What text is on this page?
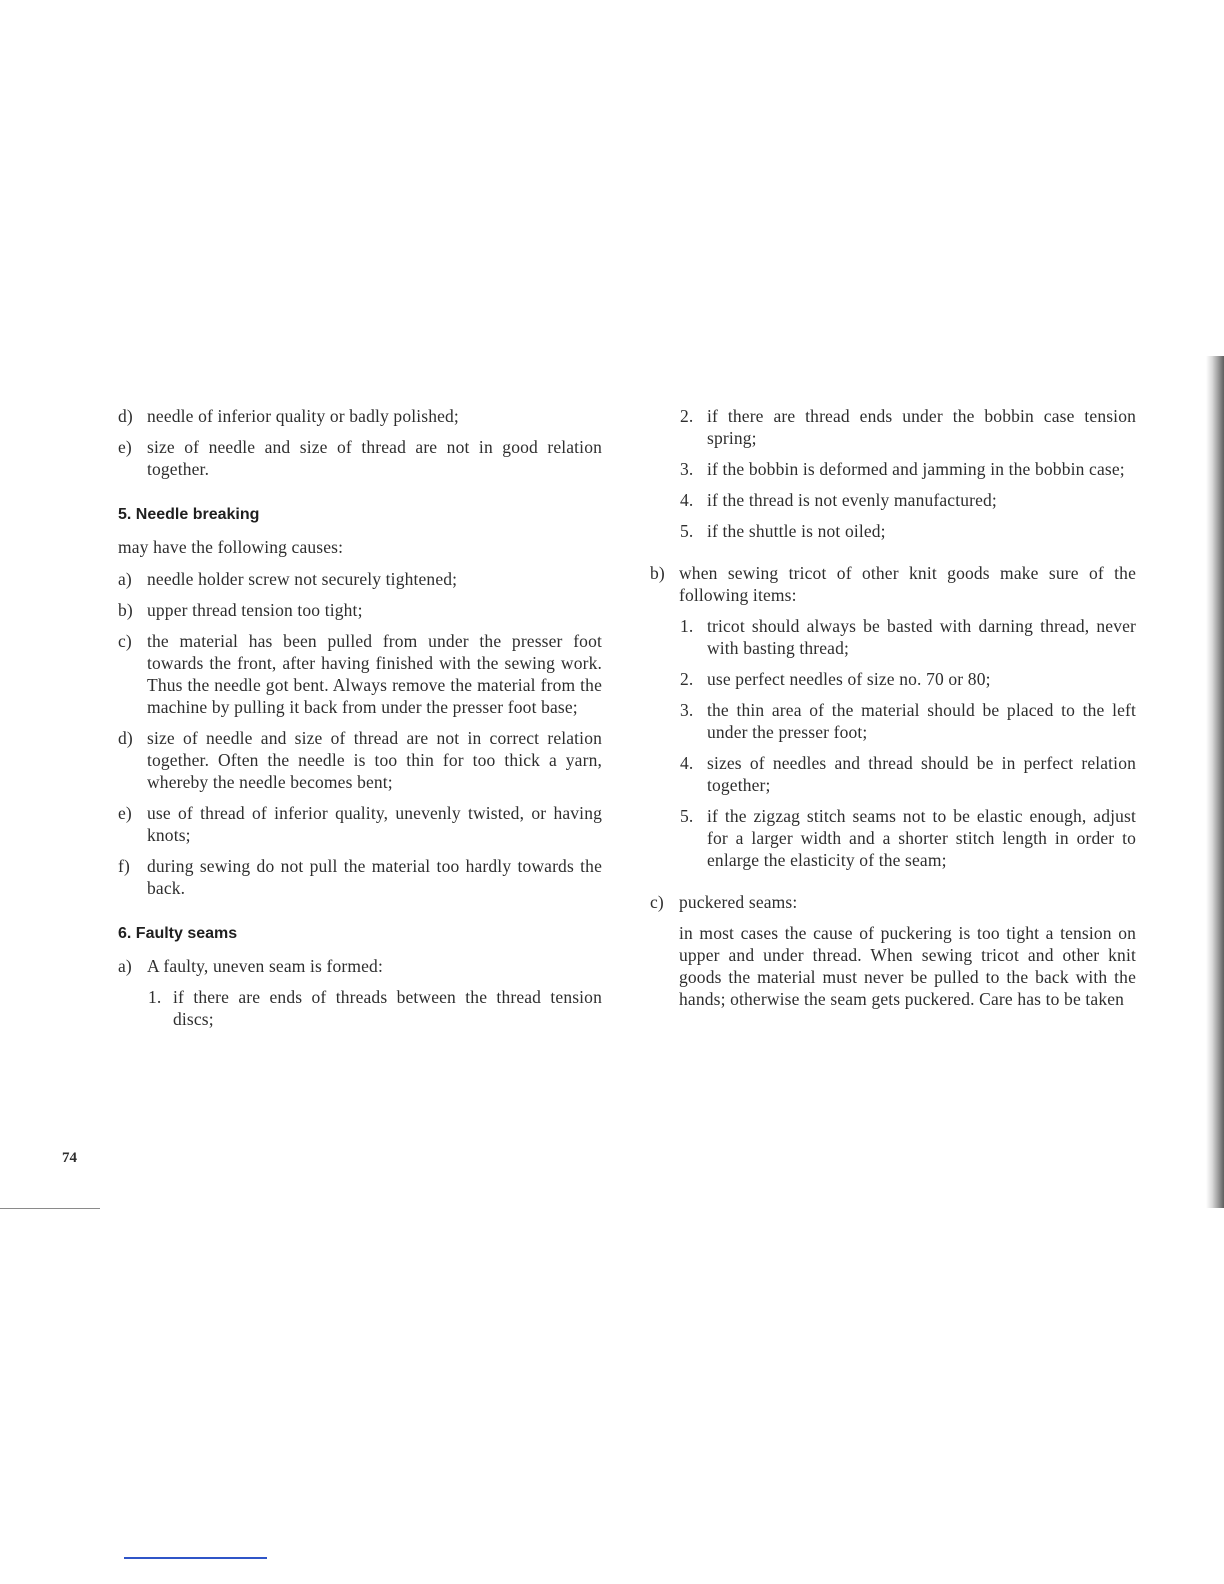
d) needle of inferior quality or badly polished;
e) size of needle and size of thread are not in good relation together.
5. Needle breaking
may have the following causes:
a) needle holder screw not securely tightened;
b) upper thread tension too tight;
c) the material has been pulled from under the presser foot towards the front, after having finished with the sewing work. Thus the needle got bent. Always remove the material from the machine by pulling it back from under the presser foot base;
d) size of needle and size of thread are not in correct relation together. Often the needle is too thin for too thick a yarn, whereby the needle becomes bent;
e) use of thread of inferior quality, unevenly twisted, or having knots;
f) during sewing do not pull the material too hardly towards the back.
6. Faulty seams
a) A faulty, uneven seam is formed:
1. if there are ends of threads between the thread tension discs;
2. if there are thread ends under the bobbin case tension spring;
3. if the bobbin is deformed and jamming in the bobbin case;
4. if the thread is not evenly manufactured;
5. if the shuttle is not oiled;
b) when sewing tricot of other knit goods make sure of the following items:
1. tricot should always be basted with darning thread, never with basting thread;
2. use perfect needles of size no. 70 or 80;
3. the thin area of the material should be placed to the left under the presser foot;
4. sizes of needles and thread should be in perfect relation together;
5. if the zigzag stitch seams not to be elastic enough, adjust for a larger width and a shorter stitch length in order to enlarge the elasticity of the seam;
c) puckered seams:
in most cases the cause of puckering is too tight a tension on upper and under thread. When sewing tricot and other knit goods the material must never be pulled to the back with the hands; otherwise the seam gets puckered. Care has to be taken
74
